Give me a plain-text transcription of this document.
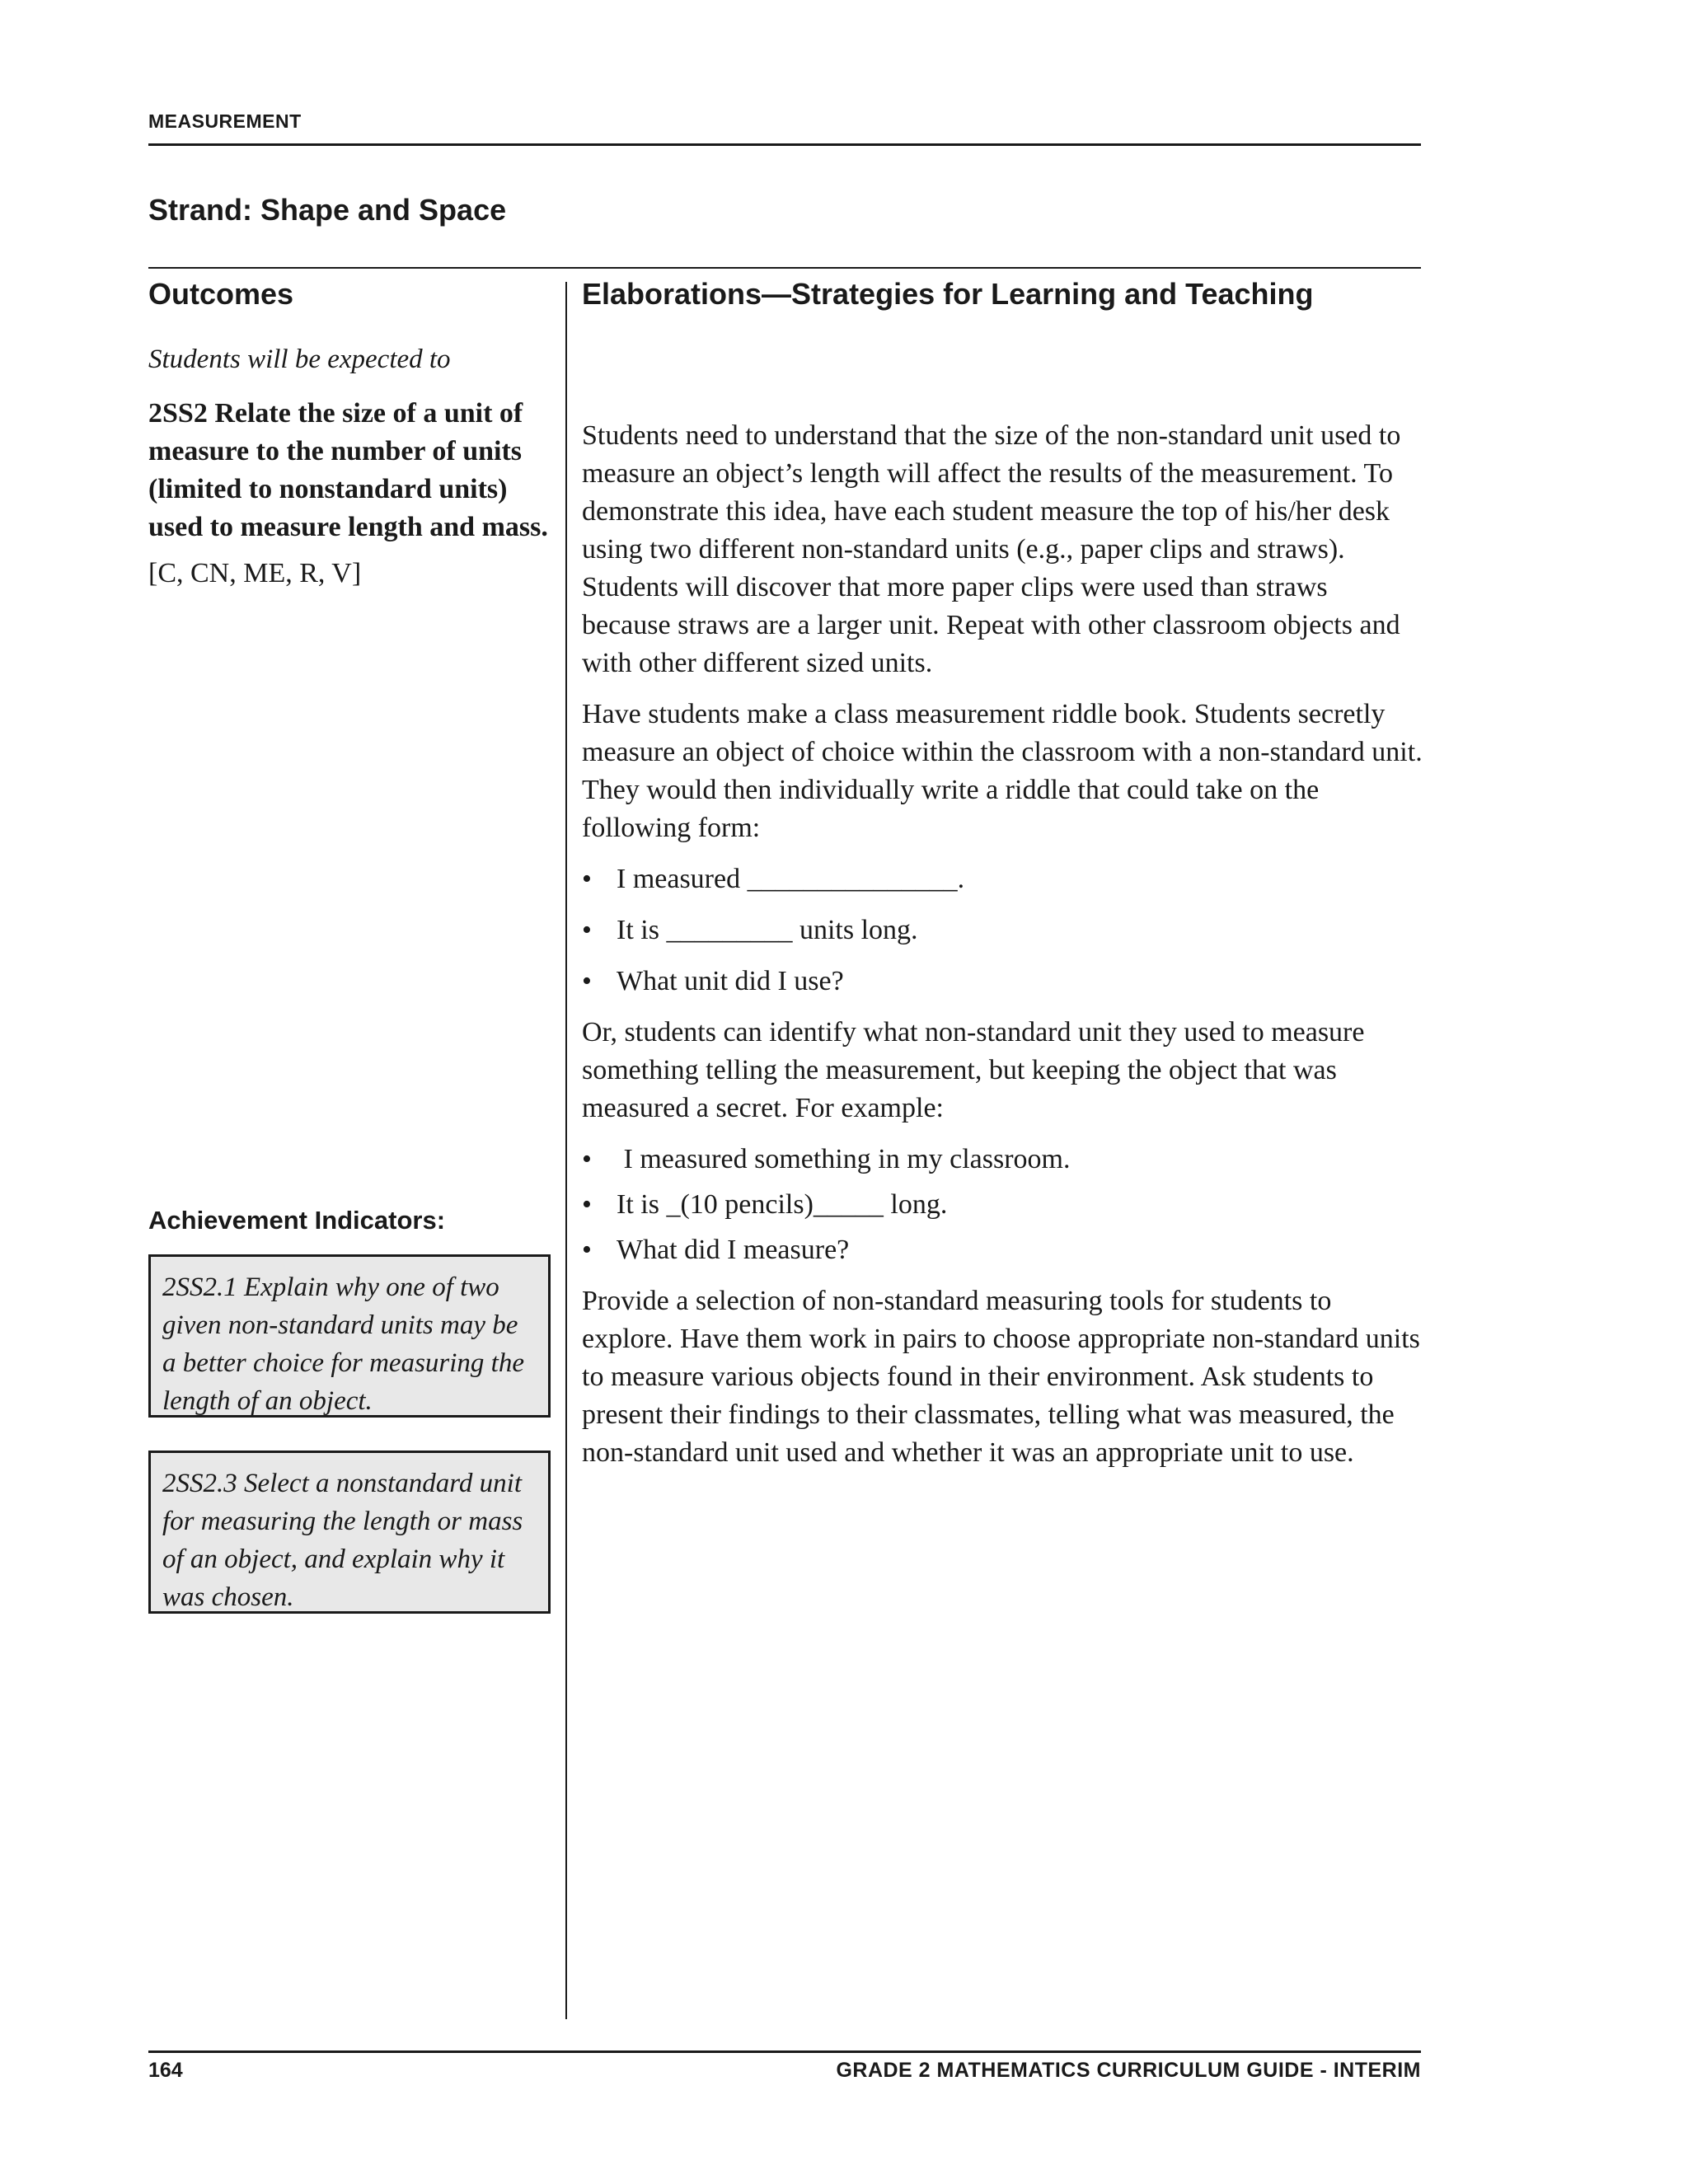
MEASUREMENT
Strand: Shape and Space
Outcomes

Students will be expected to

2SS2 Relate the size of a unit of measure to the number of units (limited to nonstandard units) used to measure length and mass.

[C, CN, ME, R, V]

Achievement Indicators:
2SS2.1 Explain why one of two given non-standard units may be a better choice for measuring the length of an object.
2SS2.3 Select a nonstandard unit for measuring the length or mass of an object, and explain why it was chosen.
Elaborations—Strategies for Learning and Teaching

Students need to understand that the size of the non-standard unit used to measure an object’s length will affect the results of the measurement. To demonstrate this idea, have each student measure the top of his/her desk using two different non-standard units (e.g., paper clips and straws). Students will discover that more paper clips were used than straws because straws are a larger unit. Repeat with other classroom objects and with other different sized units.

Have students make a class measurement riddle book. Students secretly measure an object of choice within the classroom with a non-standard unit. They would then individually write a riddle that could take on the following form:

• I measured _______________.
• It is _________ units long.
• What unit did I use?

Or, students can identify what non-standard unit they used to measure something telling the measurement, but keeping the object that was measured a secret. For example:

• I measured something in my classroom.
• It is _(10 pencils)_____ long.
• What did I measure?

Provide a selection of non-standard measuring tools for students to explore. Have them work in pairs to choose appropriate non-standard units to measure various objects found in their environment. Ask students to present their findings to their classmates, telling what was measured, the non-standard unit used and whether it was an appropriate unit to use.

164	GRADE 2 MATHEMATICS CURRICULUM GUIDE - INTERIM
